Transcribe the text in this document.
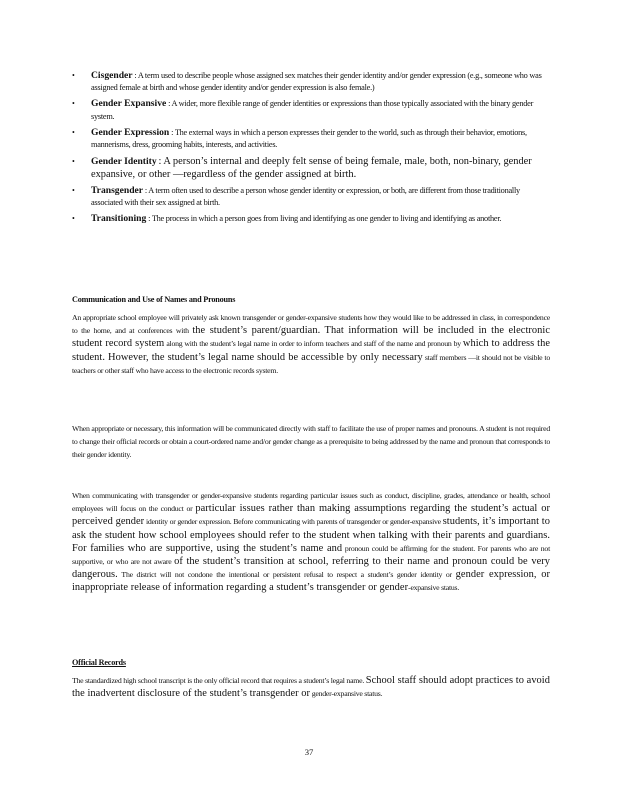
• Cisgender : A term used to describe people whose assigned sex matches their gender identity and/or gender expression (e.g., someone who was assigned female at birth and whose gender identity and/or gender expression is also female.)
• Gender Expansive : A wider, more flexible range of gender identities or expressions than those typically associated with the binary gender system.
• Gender Expression : The external ways in which a person expresses their gender to the world, such as through their behavior, emotions, mannerisms, dress, grooming habits, interests, and activities.
• Gender Identity : A person’s internal and deeply felt sense of being female, male, both, non-binary, gender expansive, or other —regardless of the gender assigned at birth.
• Transgender : A term often used to describe a person whose gender identity or expression, or both, are different from those traditionally associated with their sex assigned at birth.
• Transitioning : The process in which a person goes from living and identifying as one gender to living and identifying as another.
Communication and Use of Names and Pronouns
An appropriate school employee will privately ask known transgender or gender-expansive students how they would like to be addressed in class, in correspondence to the home, and at conferences with the student’s parent/guardian. That information will be included in the electronic student record system along with the student’s legal name in order to inform teachers and staff of the name and pronoun by which to address the student. However, the student’s legal name should be accessible by only necessary staff members —it should not be visible to teachers or other staff who have access to the electronic records system.
When appropriate or necessary, this information will be communicated directly with staff to facilitate the use of proper names and pronouns. A student is not required to change their official records or obtain a court-ordered name and/or gender change as a prerequisite to being addressed by the name and pronoun that corresponds to their gender identity.
When communicating with transgender or gender-expansive students regarding particular issues such as conduct, discipline, grades, attendance or health, school employees will focus on the conduct or particular issues rather than making assumptions regarding the student’s actual or perceived gender identity or gender expression. Before communicating with parents of transgender or gender-expansive students, it’s important to ask the student how school employees should refer to the student when talking with their parents and guardians. For families who are supportive, using the student’s name and pronoun could be affirming for the student. For parents who are not supportive, or who are not aware of the student’s transition at school, referring to their name and pronoun could be very dangerous. The district will not condone the intentional or persistent refusal to respect a student’s gender identity or gender expression, or inappropriate release of information regarding a student’s transgender or gender-expansive status.
Official Records
The standardized high school transcript is the only official record that requires a student’s legal name. School staff should adopt practices to avoid the inadvertent disclosure of the student’s transgender or gender-expansive status.
37
